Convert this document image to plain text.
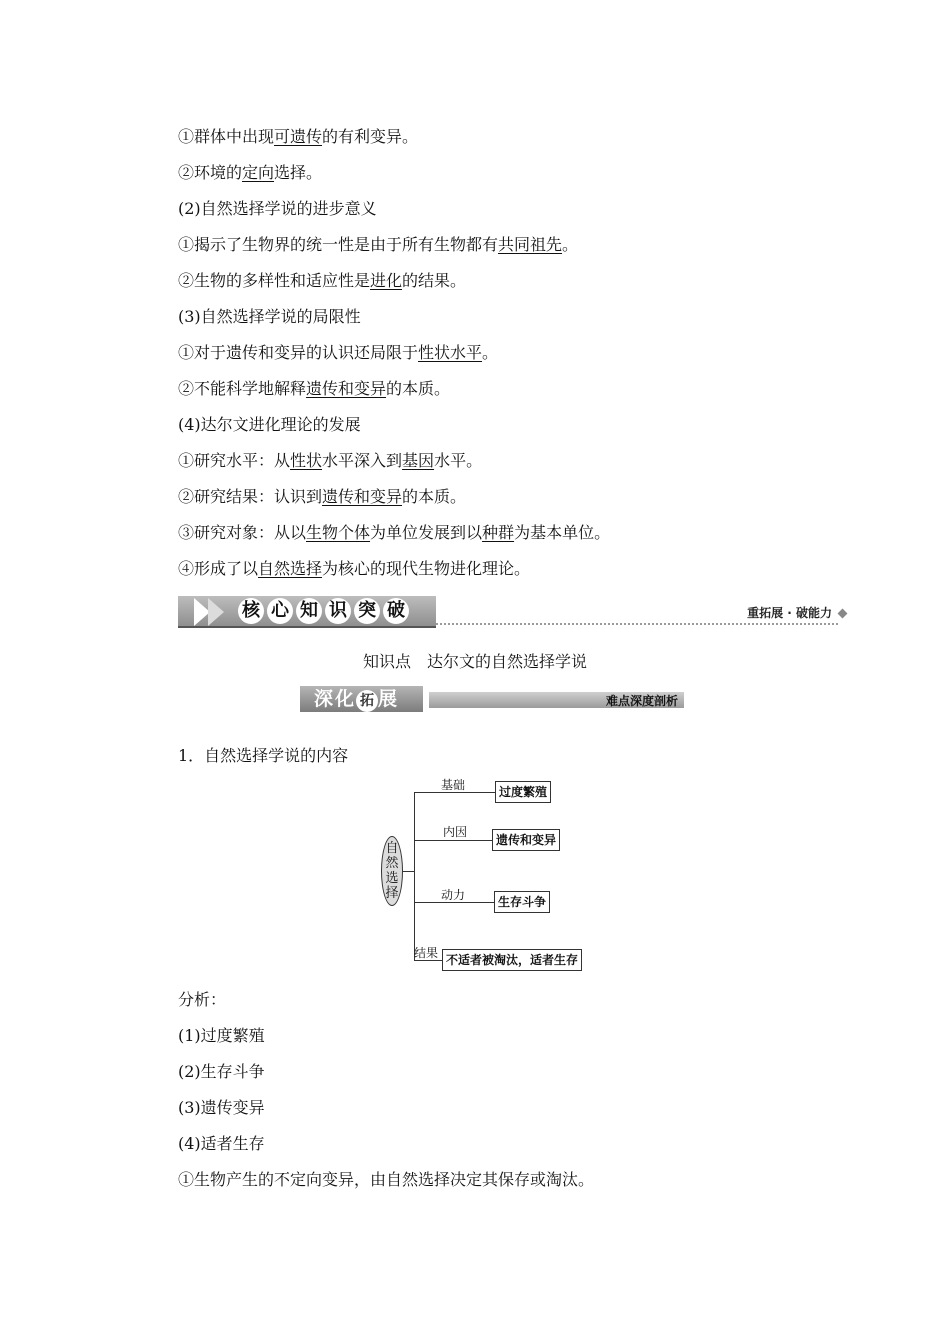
①群体中出现可遗传的有利变异。
②环境的定向选择。
(2)自然选择学说的进步意义
①揭示了生物界的统一性是由于所有生物都有共同祖先。
②生物的多样性和适应性是进化的结果。
(3)自然选择学说的局限性
①对于遗传和变异的认识还局限于性状水平。
②不能科学地解释遗传和变异的本质。
(4)达尔文进化理论的发展
①研究水平：从性状水平深入到基因水平。
②研究结果：认识到遗传和变异的本质。
③研究对象：从以生物个体为单位发展到以种群为基本单位。
④形成了以自然选择为核心的现代生物进化理论。
核 心 知 识 突 破	重拓展 · 破能力
知识点　达尔文的自然选择学说
深化 拓 展	难点深度剖析
1．自然选择学说的内容
自然选择
基础	过度繁殖
内因
遗传和变异
动力	生存斗争
结果 不适者被淘汰，适者生存
分析：
(1)过度繁殖
(2)生存斗争
(3)遗传变异
(4)适者生存
①生物产生的不定向变异，由自然选择决定其保存或淘汰。
